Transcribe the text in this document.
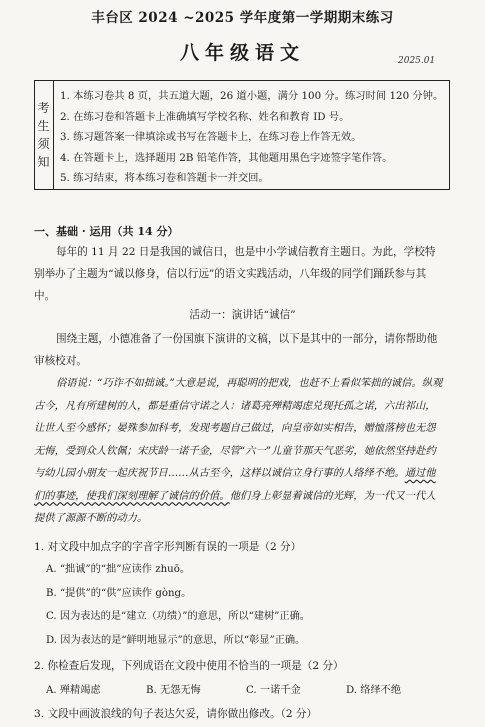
丰台区 2024 ~2025 学年度第一学期期末练习
八年级语文	2025.01
考
生
须
知
1. 本练习卷共 8 页，共五道大题，26 道小题，满分 100 分。练习时间 120 分钟。
2. 在练习卷和答题卡上准确填写学校名称、姓名和教育 ID 号。
3. 练习题答案一律填涂或书写在答题卡上，在练习卷上作答无效。
4. 在答题卡上，选择题用 2B 铅笔作答，其他题用黑色字迹签字笔作答。
5. 练习结束，将本练习卷和答题卡一并交回。
一、基础 · 运用（共 14 分）
每年的 11 月 22 日是我国的诚信日，也是中小学诚信教育主题日。为此，学校特别举办了主题为“诚以修身，信以行远”的语文实践活动，八年级的同学们踊跃参与其中。
活动一：演讲话“诚信”
围绕主题，小德准备了一份国旗下演讲的文稿，以下是其中的一部分，请你帮助他审核校对。
俗语说：“巧诈不如拙诚。”大意是说，再聪明的把戏，也赶不上看似笨拙的诚信。纵观古今，凡有所建树的人，都是重信守诺之人：诸葛亮殚精竭虑兑现托孤之诺，六出祁山，让世人至今感怀；晏殊参加科考，发现考题自己做过，向皇帝如实相告，赠恤落榜也无怨无悔，受到众人钦佩；宋庆龄一诺千金，尽管“六一”儿童节那天气恶劣，她依然坚持赴约与幼儿园小朋友一起庆祝节日……从古至今，这样以诚信立身行事的人络绎不绝。通过他们的事迹，使我们深刻理解了诚信的价值。他们身上彰显着诚信的光辉，为一代又一代人提供了源源不断的动力。
1. 对文段中加点字的字音字形判断有误的一项是（2 分）
A. “拙诚”的“拙”应读作 zhuō。
B. “提供”的“供”应读作 gòng。
C. 因为表达的是“建立（功绩）”的意思，所以“建树”正确。
D. 因为表达的是“鲜明地显示”的意思，所以“彰显”正确。
2. 你检查后发现，下列成语在文段中使用不恰当的一项是（2 分）
A. 殚精竭虑	B. 无怨无悔	C. 一诺千金	D. 络绎不绝
3. 文段中画波浪线的句子表达欠妥，请你做出修改。（2 分）
